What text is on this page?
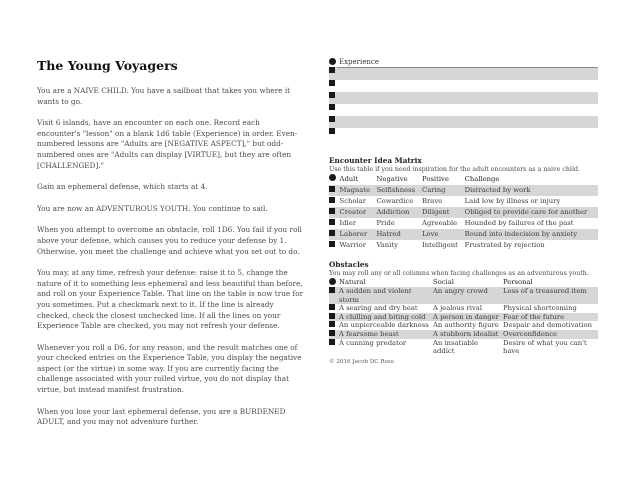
The Young Voyagers

You are a NAIVE CHILD. You have a sailboat that takes you where it wants to go.

Visit 6 islands, have an encounter on each one. Record each encounter's "lesson" on a blank 1d6 table (Experience) in order. Even-numbered lessons are "Adults are [NEGATIVE ASPECT]," but odd-numbered ones are "Adults can display [VIRTUE], but they are often [CHALLENGED]."

Gain an ephemeral defense, which starts at 4.

You are now an ADVENTUROUS YOUTH. You continue to sail.

When you attempt to overcome an obstacle, roll 1D6. You fail if you roll above your defense, which causes you to reduce your defense by 1. Otherwise, you meet the challenge and achieve what you set out to do.

You may, at any time, refresh your defense: raise it to 5, change the nature of it to something less ephemeral and less beautiful than before, and roll on your Experience Table. That line on the table is now true for you sometimes. Put a checkmark next to it. If the line is already checked, check the closest unchecked line. If all the lines on your Experience Table are checked, you may not refresh your defense.

Whenever you roll a D6, for any reason, and the result matches one of your checked entries on the Experience Table, you display the negative aspect (or the virtue) in some way. If you are currently facing the challenge associated with your rolled virtue, you do not display that virtue, but instead manifest frustration.

When you lose your last ephemeral defense, you are a BURDENED ADULT, and you may not adventure further.

	Experience

Encounter Idea Matrix
Use this table if you need inspiration for the adult encounters as a naive child.
	Adult	Negative	Positive	Challenge
	Magnate	Selfishness	Caring	Distracted by work
	Scholar	Cowardice	Brave	Laid low by illness or injury
	Creator	Addiction	Diligent	Obliged to provide care for another
	Idler	Pride	Agreeable	Hounded by failures of the past
	Laborer	Hatred	Love	Bound into indecision by anxiety
	Warrior	Vanity	Intelligent	Frustrated by rejection
Obstacles
You may roll any or all columns when facing challenges as an adventurous youth.
	Natural	Social	Personal
	A sudden and violent storm	An angry crowd	Loss of a treasured item
	A searing and dry heat	A jealous rival	Physical shortcoming
	A chilling and biting cold	A person in danger	Fear of the future
	An unpierceable darkness	An authority figure	Despair and demotivation
	A fearsome beast	A stubborn idealist	Overconfidence
	A cunning predator	An insatiable addict	Desire of what you can't have
© 2016 Jacob DC Ross
